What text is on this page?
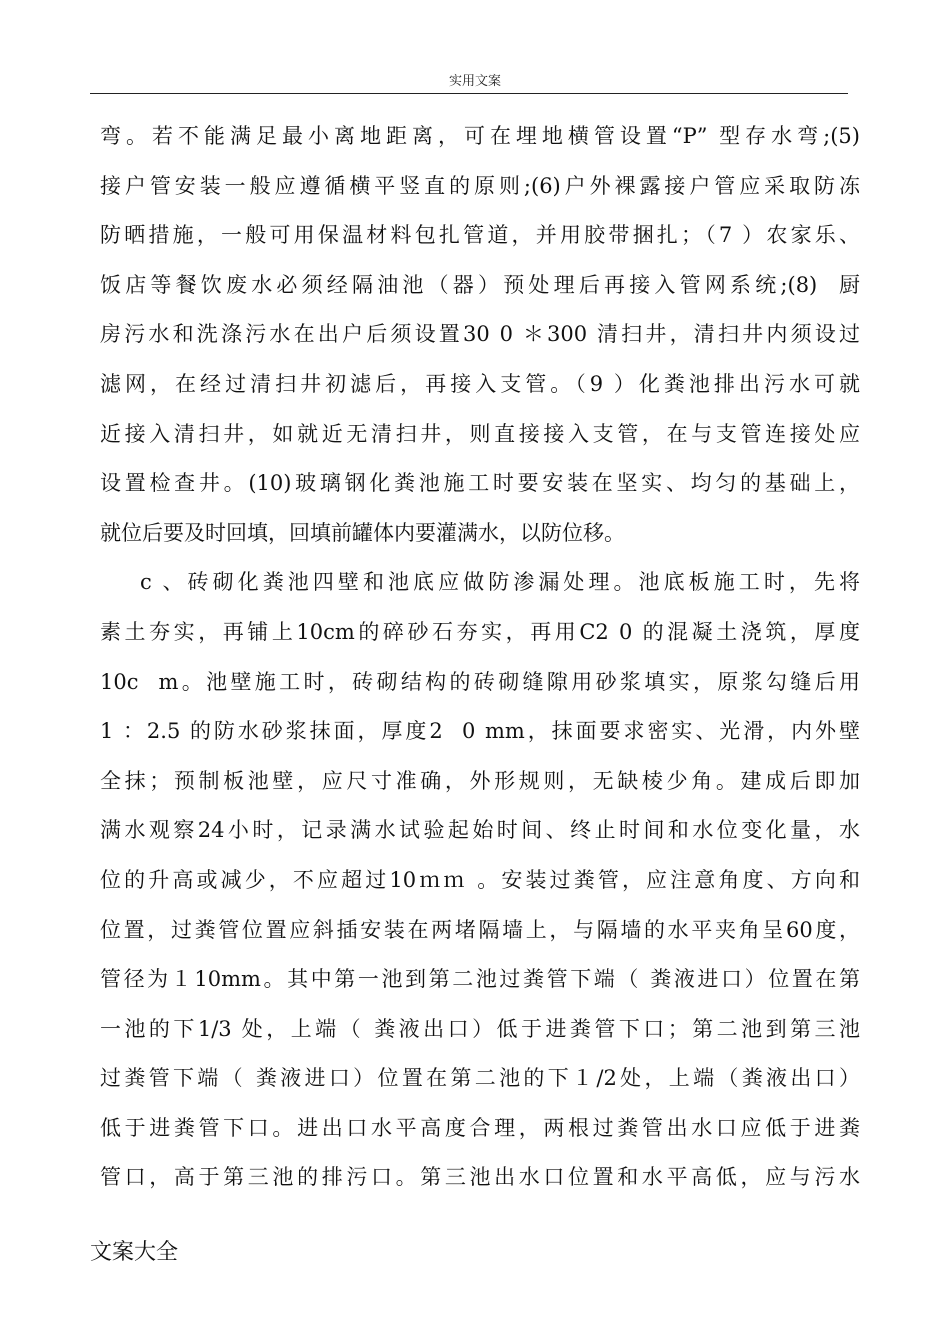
实用文案
弯。若不能满足最小离地距离，可在埋地横管设置“P” 型存水弯;(5)
接户管安装一般应遵循横平竖直的原则;(6)户外裸露接户管应采取防冻
防晒措施，一般可用保温材料包扎管道，并用胶带捆扎；（7 ）农家乐、
饭店等餐饮废水必须经隔油池（器）预处理后再接入管网系统;(8)  厨
房污水和洗涤污水在出户后须设置30 0 ＊300 清扫井，清扫井内须设过
滤网，在经过清扫井初滤后，再接入支管。（9 ）化粪池排出污水可就
近接入清扫井，如就近无清扫井，则直接接入支管，在与支管连接处应
设置检查井。(10)玻璃钢化粪池施工时要安装在坚实、均匀的基础上，
就位后要及时回填，回填前罐体内要灌满水，以防位移。
c 、砖砌化粪池四壁和池底应做防渗漏处理。池底板施工时，先将
素土夯实，再铺上10cm的碎砂石夯实，再用C2 0 的混凝土浇筑，厚度
10c  m。池壁施工时，砖砌结构的砖砌缝隙用砂浆填实，原浆勾缝后用
1 ：2.5 的防水砂浆抹面，厚度2  0 mm，抹面要求密实、光滑，内外壁
全抹；预制板池壁，应尺寸准确，外形规则，无缺棱少角。建成后即加
满水观察24小时，记录满水试验起始时间、终止时间和水位变化量，水
位的升高或减少，不应超过10ｍｍ 。安装过粪管，应注意角度、方向和
位置，过粪管位置应斜插安装在两堵隔墙上，与隔墙的水平夹角呈60度，
管径为１10mm。其中第一池到第二池过粪管下端（ 粪液进口）位置在第
一池的下1/3 处，上端（ 粪液出口）低于进粪管下口；第二池到第三池
过粪管下端（ 粪液进口）位置在第二池的下１/2处，上端（粪液出口）
低于进粪管下口。进出口水平高度合理，两根过粪管出水口应低于进粪
管口，高于第三池的排污口。第三池出水口位置和水平高低，应与污水
文案大全
